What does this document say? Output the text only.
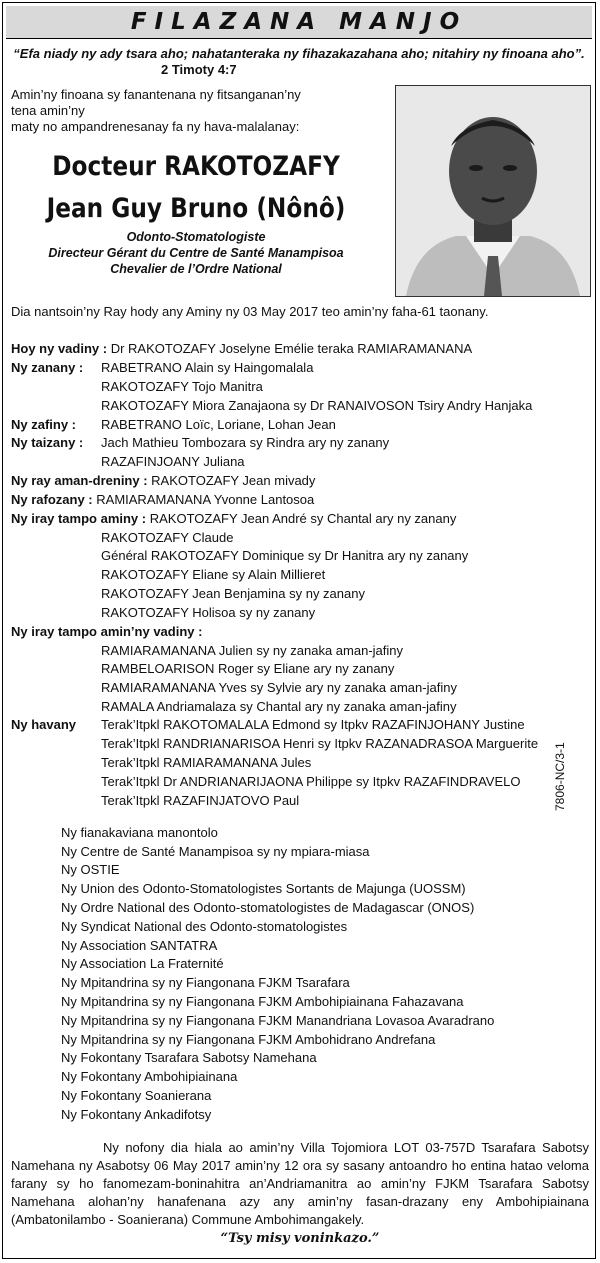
FILAZANA MANJO
“Efa niady ny ady tsara aho; nahatanteraka ny fihazakazahana aho; nitahiry ny finoana aho”.
2 Timoty 4:7
Amin’ny finoana sy fanantenana ny fitsanganan’ny tena amin’ny
maty no ampandrenesanay fa ny hava-malalanay:
Docteur RAKOTOZAFY
Jean Guy Bruno (Nônô)
Odonto-Stomatologiste
Directeur Gérant du Centre de Santé Manampisoa
Chevalier de l’Ordre National
Dia nantsoin’ny Ray hody any Aminy ny 03 May 2017 teo amin’ny faha-61 taonany.
Hoy ny vadiny : Dr RAKOTOZAFY Joselyne Emélie teraka RAMIARAMANANA
Ny zanany : RABETRANO Alain sy Haingomalala
RAKOTOZAFY Tojo Manitra
RAKOTOZAFY Miora Zanajaona sy Dr RANAIVOSON Tsiry Andry Hanjaka
Ny zafiny : RABETRANO Loïc, Loriane, Lohan Jean
Ny taizany : Jach Mathieu Tombozara sy Rindra ary ny zanany
RAZAFINJOANY Juliana
Ny ray aman-dreniny : RAKOTOZAFY Jean mivady
Ny rafozany : RAMIARAMANANA Yvonne Lantosoa
Ny iray tampo aminy : RAKOTOZAFY Jean André sy Chantal ary ny zanany
RAKOTOZAFY Claude
Général RAKOTOZAFY Dominique sy Dr Hanitra ary ny zanany
RAKOTOZAFY Eliane sy Alain Millieret
RAKOTOZAFY Jean Benjamina sy ny zanany
RAKOTOZAFY Holisoa sy ny zanany
Ny iray tampo amin’ny vadiny :
RAMIARAMANANA Julien sy ny zanaka aman-jafiny
RAMBELOARISON Roger sy Eliane ary ny zanany
RAMIARAMANANA Yves sy Sylvie ary ny zanaka aman-jafiny
RAMALA Andriamalaza sy Chantal ary ny zanaka aman-jafiny
Ny havany Terak’Itpkl RAKOTOMALALA Edmond sy Itpkv RAZAFINJOHANY Justine
Terak’Itpkl RANDRIANARISOA Henri sy Itpkv RAZANADRASOA Marguerite
Terak’Itpkl RAMIARAMANANA Jules
Terak’Itpkl Dr ANDRIANARIJAONA Philippe sy Itpkv RAZAFINDRAVELO
Terak’Itpkl RAZAFINJATOVO Paul
Ny fianakaviana manontolo
Ny Centre de Santé Manampisoa sy ny mpiara-miasa
Ny OSTIE
Ny Union des Odonto-Stomatologistes Sortants de Majunga (UOSSM)
Ny Ordre National des Odonto-stomatologistes de Madagascar (ONOS)
Ny Syndicat National des Odonto-stomatologistes
Ny Association SANTATRA
Ny Association La Fraternité
Ny Mpitandrina sy ny Fiangonana FJKM Tsarafara
Ny Mpitandrina sy ny Fiangonana FJKM Ambohipiainana Fahazavana
Ny Mpitandrina sy ny Fiangonana FJKM Manandriana Lovasoa Avaradrano
Ny Mpitandrina sy ny Fiangonana FJKM Ambohidrano Andrefana
Ny Fokontany Tsarafara Sabotsy Namehana
Ny Fokontany Ambohipiainana
Ny Fokontany Soanierana
Ny Fokontany Ankadifotsy
7806-NC/3-1
Ny nofony dia hiala ao amin’ny Villa Tojomiora LOT 03-757D Tsarafara Sabotsy Namehana ny Asabotsy 06 May 2017 amin’ny 12 ora sy sasany antoandro ho entina hatao veloma farany sy ho fanomezam-boninahitra an’Andriamanitra ao amin’ny FJKM Tsarafara Sabotsy Namehana alohan’ny hanafenana azy any amin’ny fasan-drazany eny Ambohipiainana (Ambatonilambo - Soanierana) Commune Ambohimangakely.
“Tsy misy voninkazo.”
